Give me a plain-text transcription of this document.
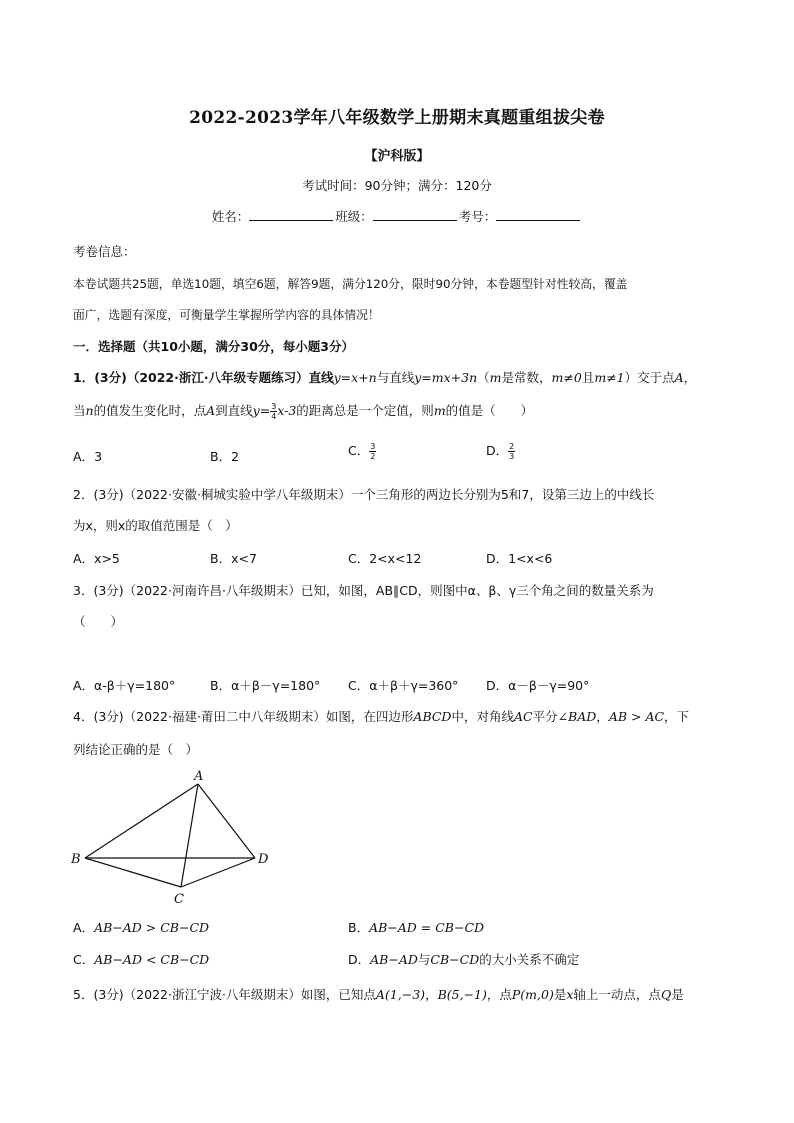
2022-2023学年八年级数学上册期末真题重组拔尖卷
【沪科版】
考试时间：90分钟；满分：120分
姓名：	班级：	考号：
考卷信息：
本卷试题共25题，单选10题，填空6题，解答9题，满分120分，限时90分钟，本卷题型针对性较高，覆盖
面广，选题有深度，可衡量学生掌握所学内容的具体情况！
一．选择题（共10小题，满分30分，每小题3分）
1．(3分)（2022·浙江·八年级专题练习）直线y=x+n与直线y=mx+3n（m是常数，m≠0且m≠1）交于点A，
当n的值发生变化时，点A到直线$y= \frac{3}{4} x-3$的距离总是一个定值，则m的值是（　　）
A．3	B．2	C． $\frac{3}{2}$	D． $\frac{2}{3}$
2．(3分)（2022·安徽·桐城实验中学八年级期末）一个三角形的两边长分别为5和7，设第三边上的中线长
为x，则x的取值范围是（　）
A．x>5	B．x<7	C．2<x<12	D．1<x<6
3．(3分)（2022·河南许昌·八年级期末）已知，如图，AB∥CD，则图中α、β、γ三个角之间的数量关系为
（　　）
A．α-β＋γ=180°	B．α＋β－γ=180° C．α＋β＋γ=360° D．α－β－γ=90°
4．(3分)（2022·福建·莆田二中八年级期末）如图，在四边形ABCD中，对角线AC平分∠BAD，AB > AC，下
列结论正确的是（　）
A
B
C
D
A．AB−AD > CB−CD	B．AB−AD = CB−CD
C．AB−AD < CB−CD	D．AB−AD与CB−CD的大小关系不确定
5．(3分)（2022·浙江宁波·八年级期末）如图，已知点A(1,−3)，B(5,−1)，点P(m,0)是x轴上一动点，点Q是
